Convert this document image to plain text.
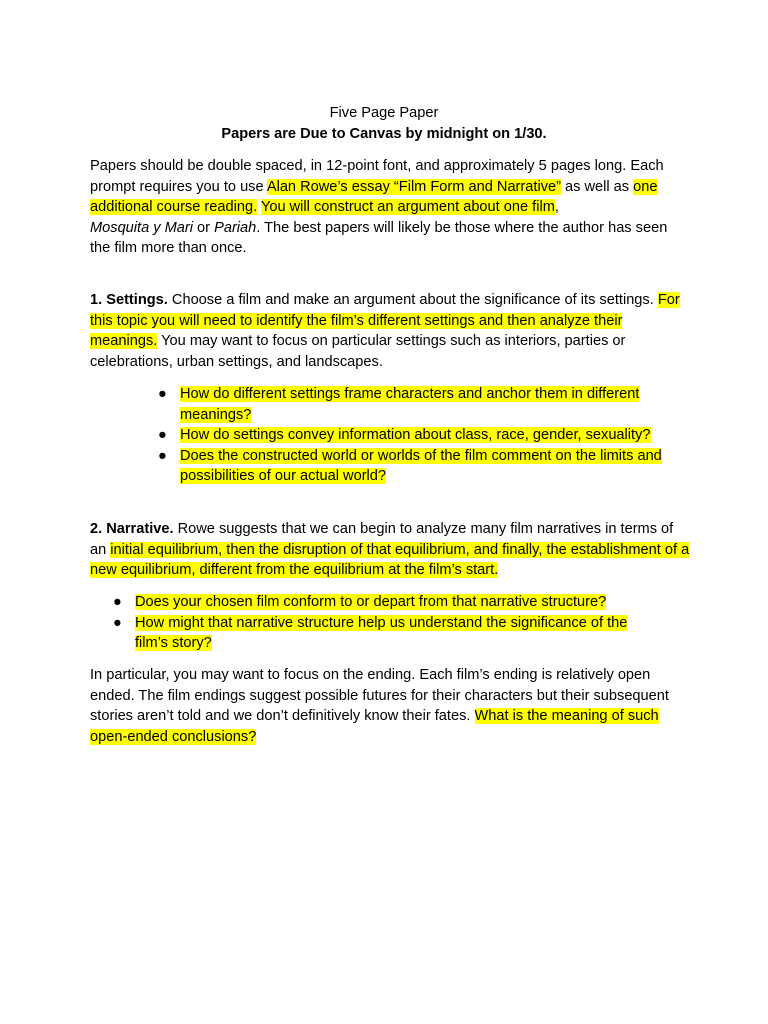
Five Page Paper
Papers are Due to Canvas by midnight on 1/30.
Papers should be double spaced, in 12-point font, and approximately 5 pages long. Each prompt requires you to use Alan Rowe’s essay “Film Form and Narrative” as well as one additional course reading. You will construct an argument about one film,
Mosquita y Mari or Pariah. The best papers will likely be those where the author has seen the film more than once.
1. Settings. Choose a film and make an argument about the significance of its settings. For this topic you will need to identify the film’s different settings and then analyze their meanings. You may want to focus on particular settings such as interiors, parties or celebrations, urban settings, and landscapes.
● How do different settings frame characters and anchor them in different meanings?
● How do settings convey information about class, race, gender, sexuality?
● Does the constructed world or worlds of the film comment on the limits and possibilities of our actual world?
2. Narrative. Rowe suggests that we can begin to analyze many film narratives in terms of an initial equilibrium, then the disruption of that equilibrium, and finally, the establishment of a new equilibrium, different from the equilibrium at the film’s start.
● Does your chosen film conform to or depart from that narrative structure?
● How might that narrative structure help us understand the significance of the film’s story?
In particular, you may want to focus on the ending. Each film’s ending is relatively open ended. The film endings suggest possible futures for their characters but their subsequent stories aren’t told and we don’t definitively know their fates. What is the meaning of such open-ended conclusions?
